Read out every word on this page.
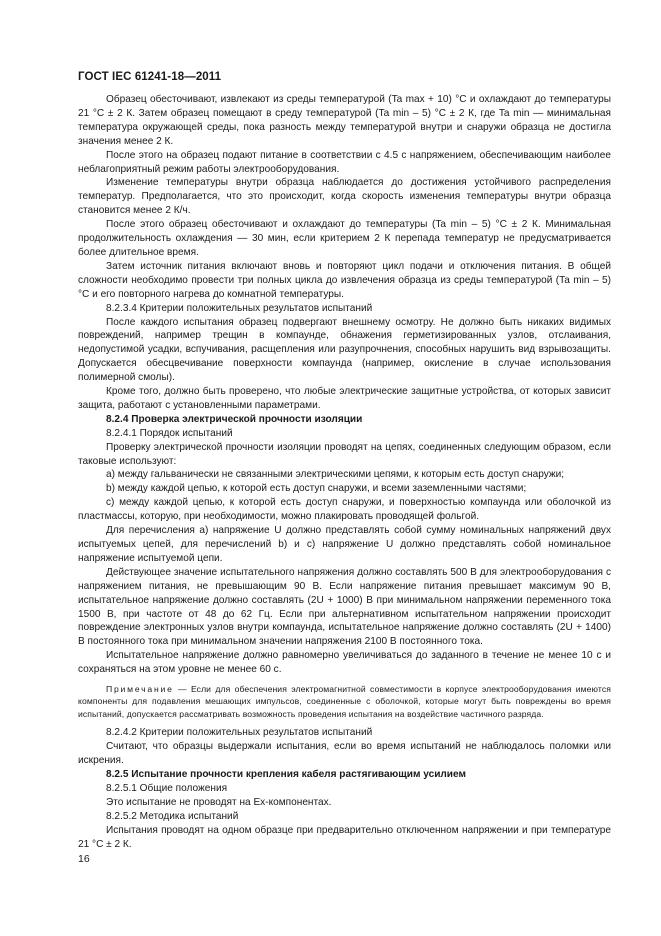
ГОСТ IEC 61241-18—2011

Образец обесточивают, извлекают из среды температурой (Ta max + 10) °С и охлаждают до температуры 21 °С ± 2 К. Затем образец помещают в среду температурой (Ta min – 5) °С ± 2 К, где Ta min — минимальная температура окружающей среды, пока разность между температурой внутри и снаружи образца не достигла значения менее 2 К.

После этого на образец подают питание в соответствии с 4.5 с напряжением, обеспечивающим наиболее неблагоприятный режим работы электрооборудования.

Изменение температуры внутри образца наблюдается до достижения устойчивого распределения температур. Предполагается, что это происходит, когда скорость изменения температуры внутри образца становится менее 2 К/ч.

После этого образец обесточивают и охлаждают до температуры (Ta min – 5) °С ± 2 К. Минимальная продолжительность охлаждения — 30 мин, если критерием 2 К перепада температур не предусматривается более длительное время.

Затем источник питания включают вновь и повторяют цикл подачи и отключения питания. В общей сложности необходимо провести три полных цикла до извлечения образца из среды температурой (Ta min – 5) °С и его повторного нагрева до комнатной температуры.

8.2.3.4 Критерии положительных результатов испытаний

После каждого испытания образец подвергают внешнему осмотру. Не должно быть никаких видимых повреждений, например трещин в компаунде, обнажения герметизированных узлов, отслаивания, недопустимой усадки, вспучивания, расщепления или разупрочнения, способных нарушить вид взрывозащиты. Допускается обесцвечивание поверхности компаунда (например, окисление в случае использования полимерной смолы).

Кроме того, должно быть проверено, что любые электрические защитные устройства, от которых зависит защита, работают с установленными параметрами.

8.2.4 Проверка электрической прочности изоляции

8.2.4.1 Порядок испытаний

Проверку электрической прочности изоляции проводят на цепях, соединенных следующим образом, если таковые используют:

а) между гальванически не связанными электрическими цепями, к которым есть доступ снаружи;

b) между каждой цепью, к которой есть доступ снаружи, и всеми заземленными частями;

с) между каждой цепью, к которой есть доступ снаружи, и поверхностью компаунда или оболочкой из пластмассы, которую, при необходимости, можно плакировать проводящей фольгой.

Для перечисления а) напряжение U должно представлять собой сумму номинальных напряжений двух испытуемых цепей, для перечислений b) и с) напряжение U должно представлять собой номинальное напряжение испытуемой цепи.

Действующее значение испытательного напряжения должно составлять 500 В для электрооборудования с напряжением питания, не превышающим 90 В. Если напряжение питания превышает максимум 90 В, испытательное напряжение должно составлять (2U + 1000) В при минимальном напряжении переменного тока 1500 В, при частоте от 48 до 62 Гц. Если при альтернативном испытательном напряжении происходит повреждение электронных узлов внутри компаунда, испытательное напряжение должно составлять (2U + 1400) В постоянного тока при минимальном значении напряжения 2100 В постоянного тока.

Испытательное напряжение должно равномерно увеличиваться до заданного в течение не менее 10 с и сохраняться на этом уровне не менее 60 с.

Примечание — Если для обеспечения электромагнитной совместимости в корпусе электрооборудования имеются компоненты для подавления мешающих импульсов, соединенные с оболочкой, которые могут быть повреждены во время испытаний, допускается рассматривать возможность проведения испытания на воздействие частичного разряда.

8.2.4.2 Критерии положительных результатов испытаний

Считают, что образцы выдержали испытания, если во время испытаний не наблюдалось поломки или искрения.

8.2.5 Испытание прочности крепления кабеля растягивающим усилием

8.2.5.1 Общие положения

Это испытание не проводят на Ех-компонентах.

8.2.5.2 Методика испытаний

Испытания проводят на одном образце при предварительно отключенном напряжении и при температуре 21 °С ± 2 К.

16
